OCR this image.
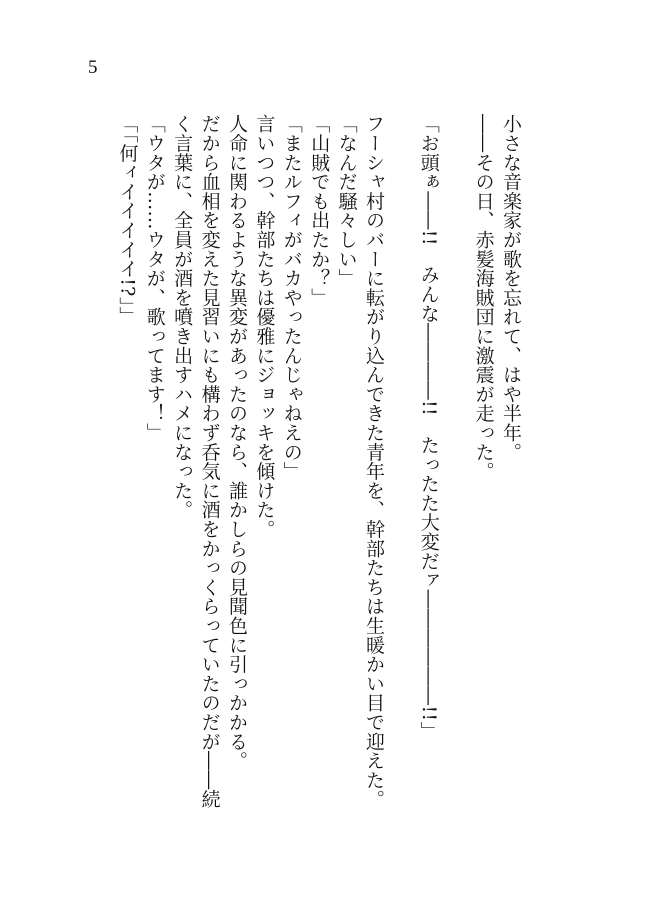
5
小さな音楽家が歌を忘れて、はや半年。
――その日、赤髪海賊団に激震が走った。
「お頭ぁ――!!　みんな――――!!　たったた大変だァ――――――!!」
フーシャ村のバーに転がり込んできた青年を、幹部たちは生暖かい目で迎えた。
「なんだ騒々しい」
「山賊でも出たか？」
「またルフィがバカやったんじゃねえの」
言いつつ、幹部たちは優雅にジョッキを傾けた。
人命に関わるような異変があったのなら、誰かしらの見聞色に引っかかる。
だから血相を変えた見習いにも構わず呑気に酒をかっくらっていたのだが――続
く言葉に、全員が酒を噴き出すハメになった。
「ウタが……ウタが、歌ってます！」
「「何ィイイイイイ!?」」
